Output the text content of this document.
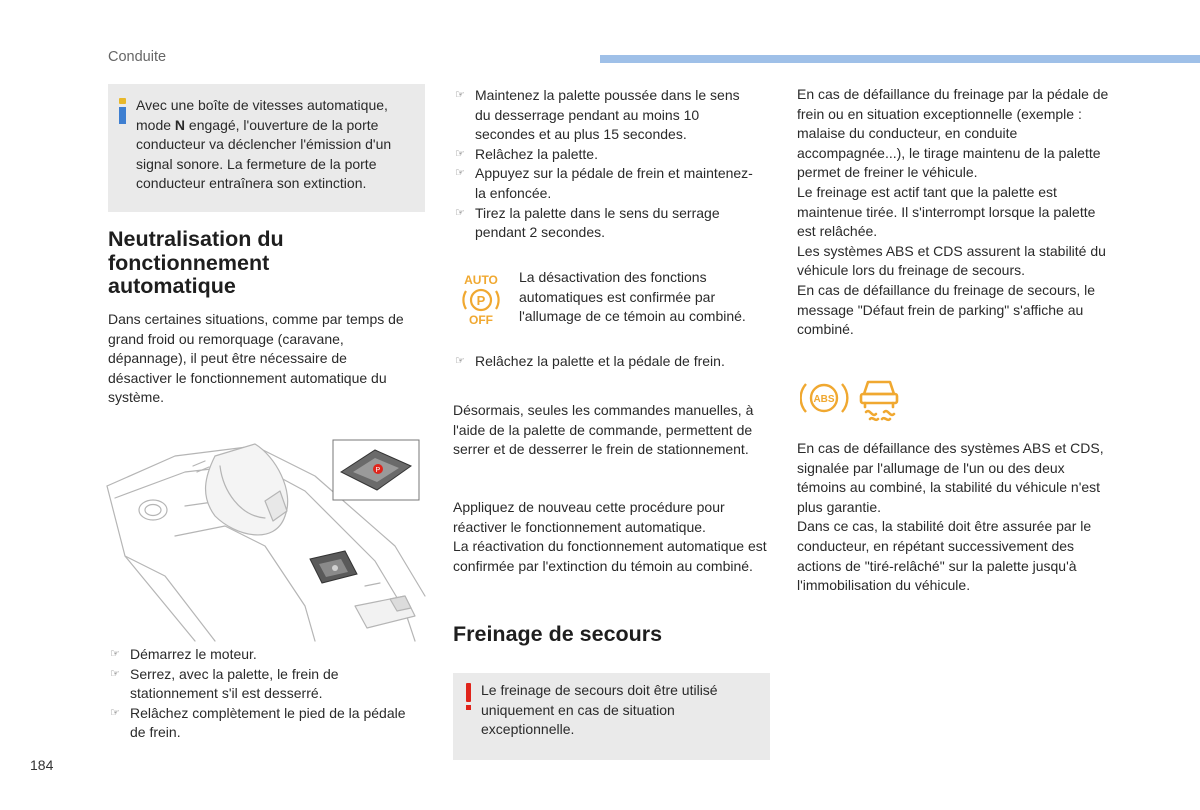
Conduite
Avec une boîte de vitesses automatique, mode N engagé, l'ouverture de la porte conducteur va déclencher l'émission d'un signal sonore. La fermeture de la porte conducteur entraînera son extinction.
Neutralisation du
fonctionnement
automatique

Dans certaines situations, comme par temps de grand froid ou remorquage (caravane, dépannage), il peut être nécessaire de désactiver le fonctionnement automatique du système.

P
☞ Démarrez le moteur.
☞ Serrez, avec la palette, le frein de stationnement s'il est desserré.
☞ Relâchez complètement le pied de la pédale de frein.
☞ Maintenez la palette poussée dans le sens du desserrage pendant au moins 10 secondes et au plus 15 secondes.
☞ Relâchez la palette.
☞ Appuyez sur la pédale de frein et maintenez-la enfoncée.
☞ Tirez la palette dans le sens du serrage pendant 2 secondes.
AUTO
P
OFF

La désactivation des fonctions automatiques est confirmée par l'allumage de ce témoin au combiné.

☞ Relâchez la palette et la pédale de frein.

Désormais, seules les commandes manuelles, à l'aide de la palette de commande, permettent de serrer et de desserrer le frein de stationnement.

Appliquez de nouveau cette procédure pour réactiver le fonctionnement automatique.

La réactivation du fonctionnement automatique est confirmée par l'extinction du témoin au combiné.

Freinage de secours
Le freinage de secours doit être utilisé uniquement en cas de situation exceptionnelle.

En cas de défaillance du freinage par la pédale de frein ou en situation exceptionnelle (exemple : malaise du conducteur, en conduite accompagnée...), le tirage maintenu de la palette permet de freiner le véhicule.

Le freinage est actif tant que la palette est maintenue tirée. Il s'interrompt lorsque la palette est relâchée.

Les systèmes ABS et CDS assurent la stabilité du véhicule lors du freinage de secours.

En cas de défaillance du freinage de secours, le message "Défaut frein de parking" s'affiche au combiné.

ABS

En cas de défaillance des systèmes ABS et CDS, signalée par l'allumage de l'un ou des deux témoins au combiné, la stabilité du véhicule n'est plus garantie.

Dans ce cas, la stabilité doit être assurée par le conducteur, en répétant successivement des actions de "tiré-relâché" sur la palette jusqu'à l'immobilisation du véhicule.

184
